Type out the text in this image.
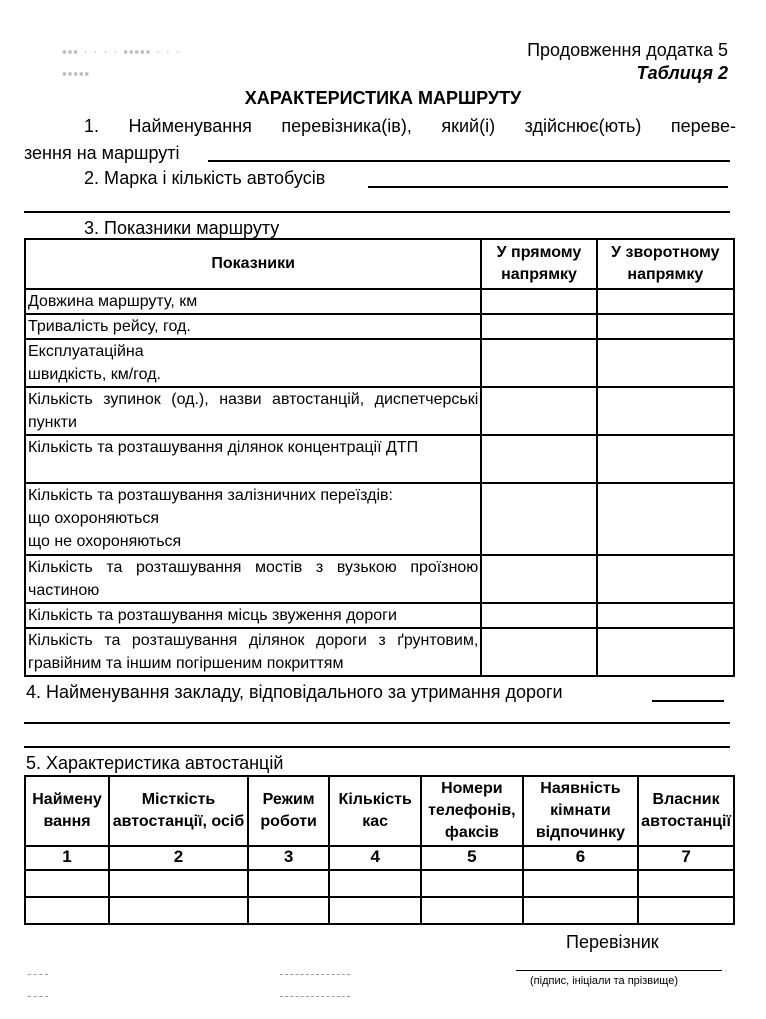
▪▪▪ · · · · ▪▪▪▪▪ · · ·
▪▪▪▪▪
Продовження додатка 5
Таблиця 2
ХАРАКТЕРИСТИКА МАРШРУТУ
1. Найменування перевізника(ів), який(і) здійснює(ють) переве-
зення на маршруті
2. Марка і кількість автобусів
3. Показники маршруту
Показники	У прямому напрямку	У зворотному напрямку
Довжина маршруту, км		
Тривалість рейсу, год.		
Експлуатаційна швидкість, км/год.		
Кількість зупинок (од.), назви автостанцій, диспетчерські пункти		
Кількість та розташування ділянок концентрації ДТП		

Кількість та розташування залізничних переїздів:
що охороняються
що не охороняються		

Кількість та розташування мостів з вузькою проїзною частиною		
Кількість та розташування місць звуження дороги		
Кількість та розташування ділянок дороги з ґрунтовим, гравійним та іншим погіршеним покриттям		
4. Найменування закладу, відповідального за утримання дороги
5. Характеристика автостанцій
Найменування	Місткість автостанції, осіб	Режим роботи	Кількість кас	Номери телефонів, факсів	Наявність кімнати відпочинку	Власник автостанції
1	2	3	4	5	6	7

Перевізник
(підпис, ініціали та прізвище)
